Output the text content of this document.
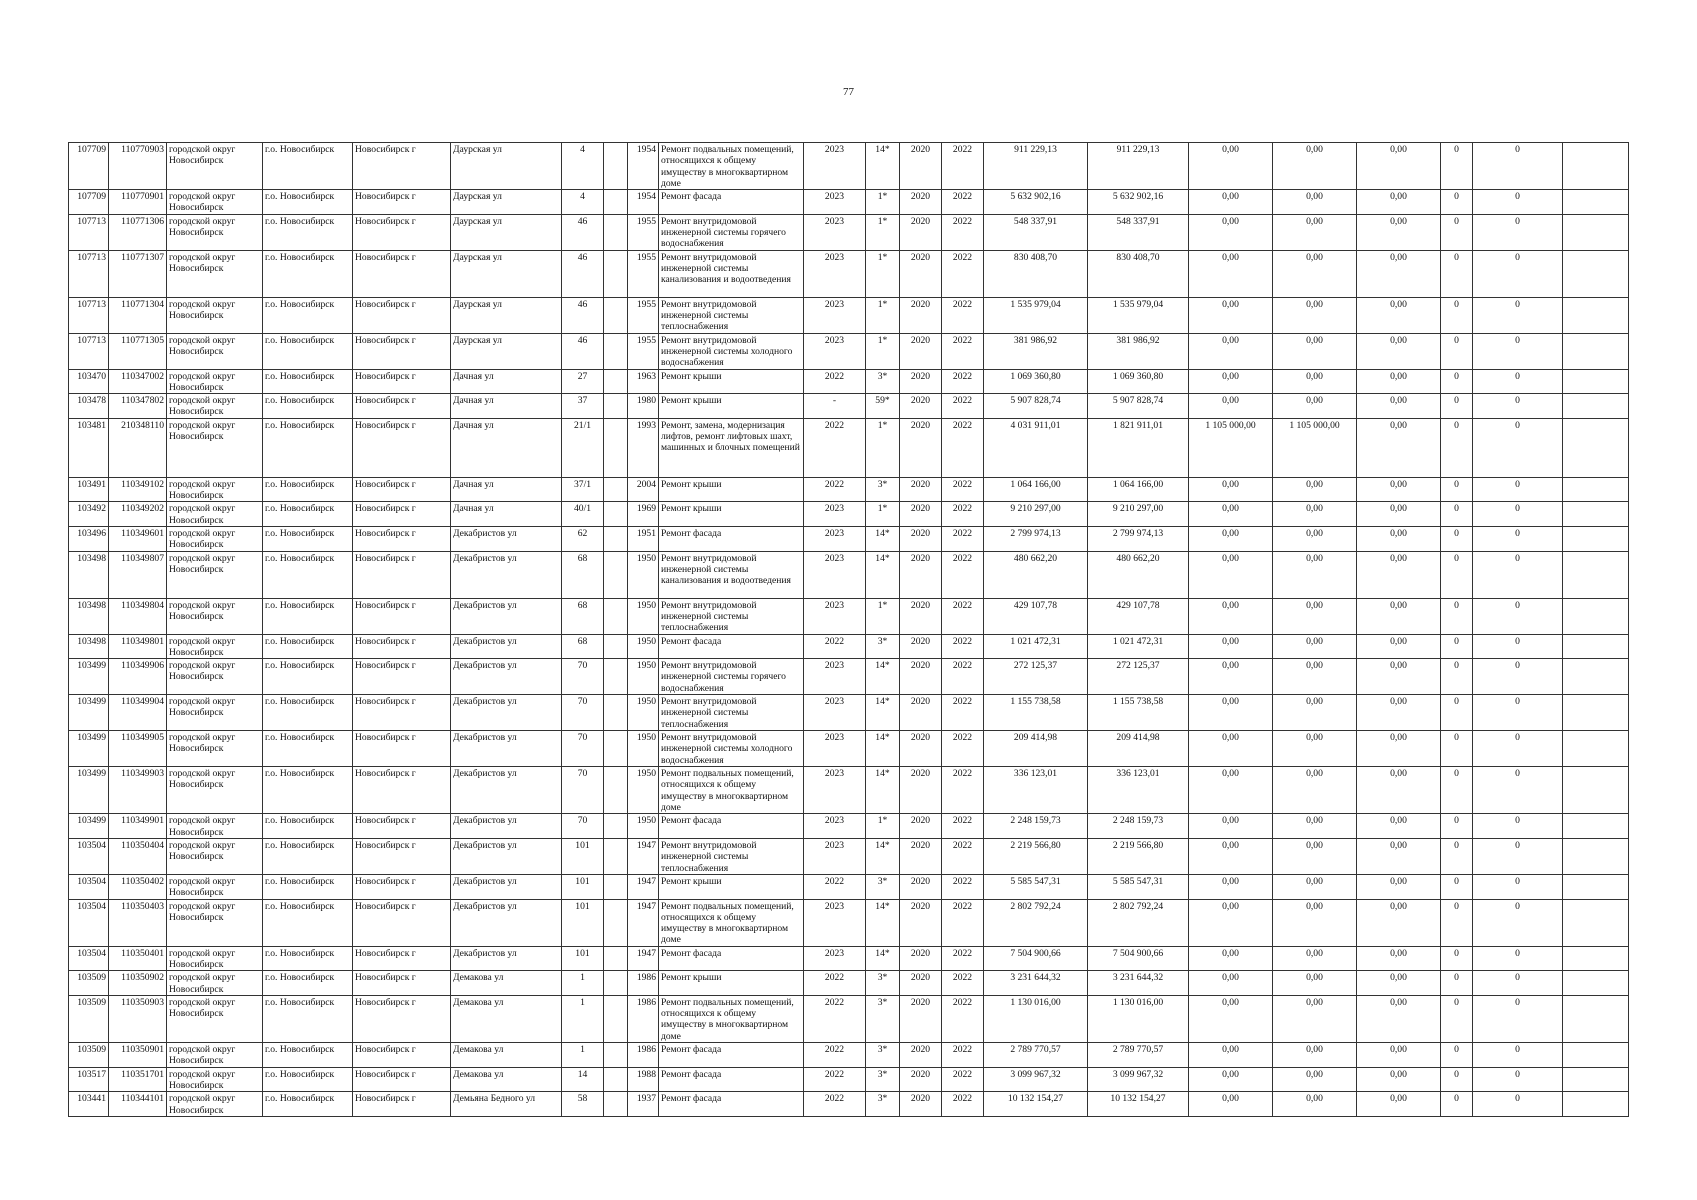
77
107709	110770903	городской округ Новосибирск	г.о. Новосибирск	Новосибирск г	Даурская ул	4		1954	Ремонт подвальных помещений, относящихся к общему имуществу в многоквартирном доме	2023	14*	2020	2022	911 229,13	911 229,13	0,00	0,00	0,00	0	0	
107709	110770901	городской округ Новосибирск	г.о. Новосибирск	Новосибирск г	Даурская ул	4		1954	Ремонт фасада	2023	1*	2020	2022	5 632 902,16	5 632 902,16	0,00	0,00	0,00	0	0	
107713	110771306	городской округ Новосибирск	г.о. Новосибирск	Новосибирск г	Даурская ул	46		1955	Ремонт внутридомовой инженерной системы горячего водоснабжения	2023	1*	2020	2022	548 337,91	548 337,91	0,00	0,00	0,00	0	0	
107713	110771307	городской округ Новосибирск	г.о. Новосибирск	Новосибирск г	Даурская ул	46		1955	Ремонт внутридомовой инженерной системы канализования и водоотведения	2023	1*	2020	2022	830 408,70	830 408,70	0,00	0,00	0,00	0	0	
107713	110771304	городской округ Новосибирск	г.о. Новосибирск	Новосибирск г	Даурская ул	46		1955	Ремонт внутридомовой инженерной системы теплоснабжения	2023	1*	2020	2022	1 535 979,04	1 535 979,04	0,00	0,00	0,00	0	0	
107713	110771305	городской округ Новосибирск	г.о. Новосибирск	Новосибирск г	Даурская ул	46		1955	Ремонт внутридомовой инженерной системы холодного водоснабжения	2023	1*	2020	2022	381 986,92	381 986,92	0,00	0,00	0,00	0	0	
103470	110347002	городской округ Новосибирск	г.о. Новосибирск	Новосибирск г	Дачная ул	27		1963	Ремонт крыши	2022	3*	2020	2022	1 069 360,80	1 069 360,80	0,00	0,00	0,00	0	0	
103478	110347802	городской округ Новосибирск	г.о. Новосибирск	Новосибирск г	Дачная ул	37		1980	Ремонт крыши	-	59*	2020	2022	5 907 828,74	5 907 828,74	0,00	0,00	0,00	0	0	
103481	210348110	городской округ Новосибирск	г.о. Новосибирск	Новосибирск г	Дачная ул	21/1		1993	Ремонт, замена, модернизация лифтов, ремонт лифтовых шахт, машинных и блочных помещений	2022	1*	2020	2022	4 031 911,01	1 821 911,01	1 105 000,00	1 105 000,00	0,00	0	0	
103491	110349102	городской округ Новосибирск	г.о. Новосибирск	Новосибирск г	Дачная ул	37/1		2004	Ремонт крыши	2022	3*	2020	2022	1 064 166,00	1 064 166,00	0,00	0,00	0,00	0	0	
103492	110349202	городской округ Новосибирск	г.о. Новосибирск	Новосибирск г	Дачная ул	40/1		1969	Ремонт крыши	2023	1*	2020	2022	9 210 297,00	9 210 297,00	0,00	0,00	0,00	0	0	
103496	110349601	городской округ Новосибирск	г.о. Новосибирск	Новосибирск г	Декабристов ул	62		1951	Ремонт фасада	2023	14*	2020	2022	2 799 974,13	2 799 974,13	0,00	0,00	0,00	0	0	
103498	110349807	городской округ Новосибирск	г.о. Новосибирск	Новосибирск г	Декабристов ул	68		1950	Ремонт внутридомовой инженерной системы канализования и водоотведения	2023	14*	2020	2022	480 662,20	480 662,20	0,00	0,00	0,00	0	0	
103498	110349804	городской округ Новосибирск	г.о. Новосибирск	Новосибирск г	Декабристов ул	68		1950	Ремонт внутридомовой инженерной системы теплоснабжения	2023	1*	2020	2022	429 107,78	429 107,78	0,00	0,00	0,00	0	0	
103498	110349801	городской округ Новосибирск	г.о. Новосибирск	Новосибирск г	Декабристов ул	68		1950	Ремонт фасада	2022	3*	2020	2022	1 021 472,31	1 021 472,31	0,00	0,00	0,00	0	0	
103499	110349906	городской округ Новосибирск	г.о. Новосибирск	Новосибирск г	Декабристов ул	70		1950	Ремонт внутридомовой инженерной системы горячего водоснабжения	2023	14*	2020	2022	272 125,37	272 125,37	0,00	0,00	0,00	0	0	
103499	110349904	городской округ Новосибирск	г.о. Новосибирск	Новосибирск г	Декабристов ул	70		1950	Ремонт внутридомовой инженерной системы теплоснабжения	2023	14*	2020	2022	1 155 738,58	1 155 738,58	0,00	0,00	0,00	0	0	
103499	110349905	городской округ Новосибирск	г.о. Новосибирск	Новосибирск г	Декабристов ул	70		1950	Ремонт внутридомовой инженерной системы холодного водоснабжения	2023	14*	2020	2022	209 414,98	209 414,98	0,00	0,00	0,00	0	0	
103499	110349903	городской округ Новосибирск	г.о. Новосибирск	Новосибирск г	Декабристов ул	70		1950	Ремонт подвальных помещений, относящихся к общему имуществу в многоквартирном доме	2023	14*	2020	2022	336 123,01	336 123,01	0,00	0,00	0,00	0	0	
103499	110349901	городской округ Новосибирск	г.о. Новосибирск	Новосибирск г	Декабристов ул	70		1950	Ремонт фасада	2023	1*	2020	2022	2 248 159,73	2 248 159,73	0,00	0,00	0,00	0	0	
103504	110350404	городской округ Новосибирск	г.о. Новосибирск	Новосибирск г	Декабристов ул	101		1947	Ремонт внутридомовой инженерной системы теплоснабжения	2023	14*	2020	2022	2 219 566,80	2 219 566,80	0,00	0,00	0,00	0	0	
103504	110350402	городской округ Новосибирск	г.о. Новосибирск	Новосибирск г	Декабристов ул	101		1947	Ремонт крыши	2022	3*	2020	2022	5 585 547,31	5 585 547,31	0,00	0,00	0,00	0	0	
103504	110350403	городской округ Новосибирск	г.о. Новосибирск	Новосибирск г	Декабристов ул	101		1947	Ремонт подвальных помещений, относящихся к общему имуществу в многоквартирном доме	2023	14*	2020	2022	2 802 792,24	2 802 792,24	0,00	0,00	0,00	0	0	
103504	110350401	городской округ Новосибирск	г.о. Новосибирск	Новосибирск г	Декабристов ул	101		1947	Ремонт фасада	2023	14*	2020	2022	7 504 900,66	7 504 900,66	0,00	0,00	0,00	0	0	
103509	110350902	городской округ Новосибирск	г.о. Новосибирск	Новосибирск г	Демакова ул	1		1986	Ремонт крыши	2022	3*	2020	2022	3 231 644,32	3 231 644,32	0,00	0,00	0,00	0	0	
103509	110350903	городской округ Новосибирск	г.о. Новосибирск	Новосибирск г	Демакова ул	1		1986	Ремонт подвальных помещений, относящихся к общему имуществу в многоквартирном доме	2022	3*	2020	2022	1 130 016,00	1 130 016,00	0,00	0,00	0,00	0	0	
103509	110350901	городской округ Новосибирск	г.о. Новосибирск	Новосибирск г	Демакова ул	1		1986	Ремонт фасада	2022	3*	2020	2022	2 789 770,57	2 789 770,57	0,00	0,00	0,00	0	0	
103517	110351701	городской округ Новосибирск	г.о. Новосибирск	Новосибирск г	Демакова ул	14		1988	Ремонт фасада	2022	3*	2020	2022	3 099 967,32	3 099 967,32	0,00	0,00	0,00	0	0	
103441	110344101	городской округ Новосибирск	г.о. Новосибирск	Новосибирск г	Демьяна Бедного ул	58		1937	Ремонт фасада	2022	3*	2020	2022	10 132 154,27	10 132 154,27	0,00	0,00	0,00	0	0	
